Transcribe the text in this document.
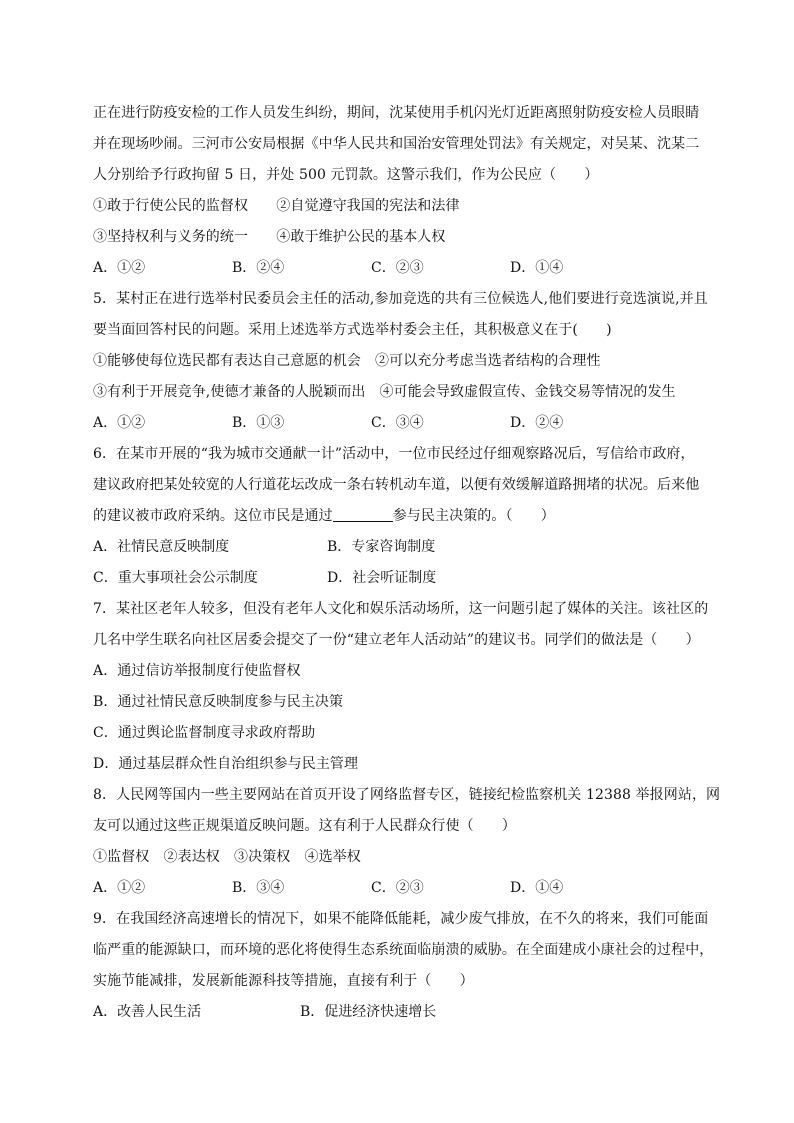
正在进行防疫安检的工作人员发生纠纷，期间，沈某使用手机闪光灯近距离照射防疫安检人员眼睛
并在现场吵闹。三河市公安局根据《中华人民共和国治安管理处罚法》有关规定，对吴某、沈某二
人分别给予行政拘留 5 日，并处 500 元罚款。这警示我们，作为公民应（　　）
①敢于行使公民的监督权　　②自觉遵守我国的宪法和法律
③坚持权利与义务的统一　　④敢于维护公民的基本人权
A．①②	B．②④	C．②③	D．①④
5．某村正在进行选举村民委员会主任的活动,参加竞选的共有三位候选人,他们要进行竞选演说,并且
要当面回答村民的问题。采用上述选举方式选举村委会主任，其积极意义在于(　　)
①能够使每位选民都有表达自己意愿的机会　②可以充分考虑当选者结构的合理性
③有利于开展竞争,使德才兼备的人脱颖而出　④可能会导致虚假宣传、金钱交易等情况的发生
A．①②	B．①③	C．③④	D．②④
6．在某市开展的“我为城市交通献一计”活动中，一位市民经过仔细观察路况后，写信给市政府，
建议政府把某处较宽的人行道花坛改成一条右转机动车道，以便有效缓解道路拥堵的状况。后来他
的建议被市政府采纳。这位市民是通过	参与民主决策的。（　　）
A．社情民意反映制度	B．专家咨询制度
C．重大事项社会公示制度	D．社会听证制度
7．某社区老年人较多，但没有老年人文化和娱乐活动场所，这一问题引起了媒体的关注。该社区的
几名中学生联名向社区居委会提交了一份“建立老年人活动站”的建议书。同学们的做法是（　　）
A．通过信访举报制度行使监督权
B．通过社情民意反映制度参与民主决策
C．通过舆论监督制度寻求政府帮助
D．通过基层群众性自治组织参与民主管理
8．人民网等国内一些主要网站在首页开设了网络监督专区，链接纪检监察机关 12388 举报网站，网
友可以通过这些正规渠道反映问题。这有利于人民群众行使（　　）
①监督权　②表达权　③决策权　④选举权
A．①②	B．③④	C．②③	D．①④
9．在我国经济高速增长的情况下，如果不能降低能耗，减少废气排放，在不久的将来，我们可能面
临严重的能源缺口，而环境的恶化将使得生态系统面临崩溃的威胁。在全面建成小康社会的过程中，
实施节能减排，发展新能源科技等措施，直接有利于（　　）
A．改善人民生活	B．促进经济快速增长
